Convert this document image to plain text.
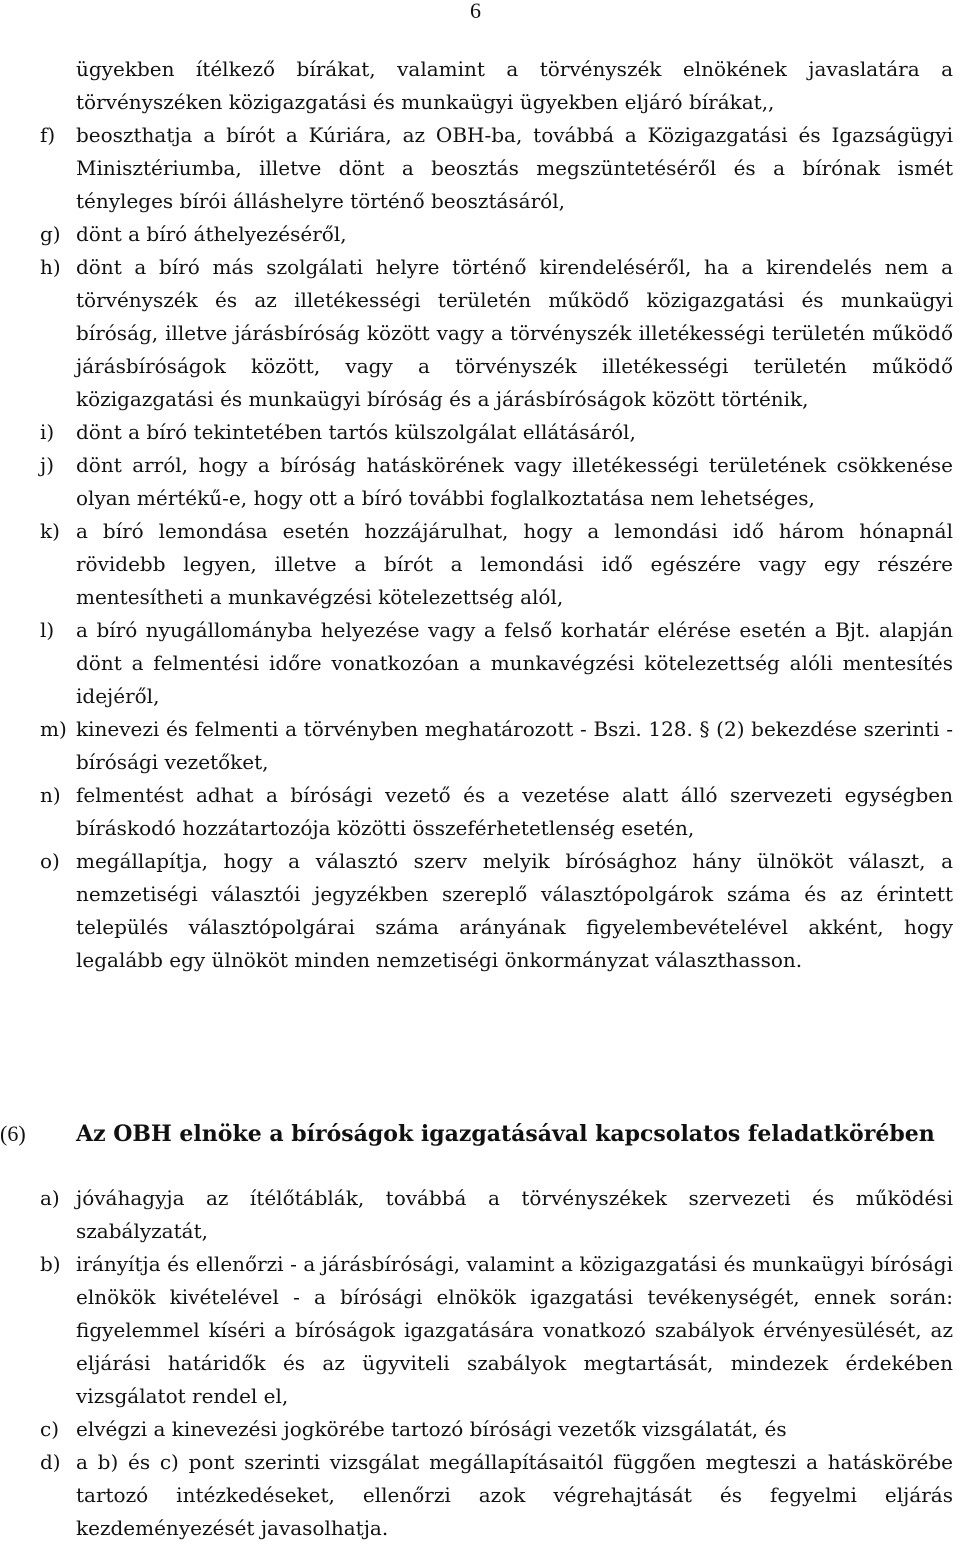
6
ügyekben ítélkező bírákat, valamint a törvényszék elnökének javaslatára a törvényszéken közigazgatási és munkaügyi ügyekben eljáró bírákat,,
f) beoszthatja a bírót a Kúriára, az OBH-ba, továbbá a Közigazgatási és Igazságügyi Minisztériumba, illetve dönt a beosztás megszüntetéséről és a bírónak ismét tényleges bírói álláshelyre történő beosztásáról,
g) dönt a bíró áthelyezéséről,
h) dönt a bíró más szolgálati helyre történő kirendeléséről, ha a kirendelés nem a törvényszék és az illetékességi területén működő közigazgatási és munkaügyi bíróság, illetve járásbíróság között vagy a törvényszék illetékességi területén működő járásbíróságok között, vagy a törvényszék illetékességi területén működő közigazgatási és munkaügyi bíróság és a járásbíróságok között történik,
i) dönt a bíró tekintetében tartós külszolgálat ellátásáról,
j) dönt arról, hogy a bíróság hatáskörének vagy illetékességi területének csökkenése olyan mértékű-e, hogy ott a bíró további foglalkoztatása nem lehetséges,
k) a bíró lemondása esetén hozzájárulhat, hogy a lemondási idő három hónapnál rövidebb legyen, illetve a bírót a lemondási idő egészére vagy egy részére mentesítheti a munkavégzési kötelezettség alól,
l) a bíró nyugállományba helyezése vagy a felső korhatár elérése esetén a Bjt. alapján dönt a felmentési időre vonatkozóan a munkavégzési kötelezettség alóli mentesítés idejéről,
m) kinevezi és felmenti a törvényben meghatározott - Bszi. 128. § (2) bekezdése szerinti - bírósági vezetőket,
n) felmentést adhat a bírósági vezető és a vezetése alatt álló szervezeti egységben bíráskodó hozzátartozója közötti összeférhetetlenség esetén,
o) megállapítja, hogy a választó szerv melyik bírósághoz hány ülnököt választ, a nemzetiségi választói jegyzékben szereplő választópolgárok száma és az érintett település választópolgárai száma arányának figyelembevételével akként, hogy legalább egy ülnököt minden nemzetiségi önkormányzat választhasson.
(6) Az OBH elnöke a bíróságok igazgatásával kapcsolatos feladatkörében
a) jóváhagyja az ítélőtáblák, továbbá a törvényszékek szervezeti és működési szabályzatát,
b) irányítja és ellenőrzi - a járásbírósági, valamint a közigazgatási és munkaügyi bírósági elnökök kivételével - a bírósági elnökök igazgatási tevékenységét, ennek során: figyelemmel kíséri a bíróságok igazgatására vonatkozó szabályok érvényesülését, az eljárási határidők és az ügyviteli szabályok megtartását, mindezek érdekében vizsgálatot rendel el,
c) elvégzi a kinevezési jogkörébe tartozó bírósági vezetők vizsgálatát, és
d) a b) és c) pont szerinti vizsgálat megállapításaitól függően megteszi a hatáskörébe tartozó intézkedéseket, ellenőrzi azok végrehajtását és fegyelmi eljárás kezdeményezését javasolhatja.
